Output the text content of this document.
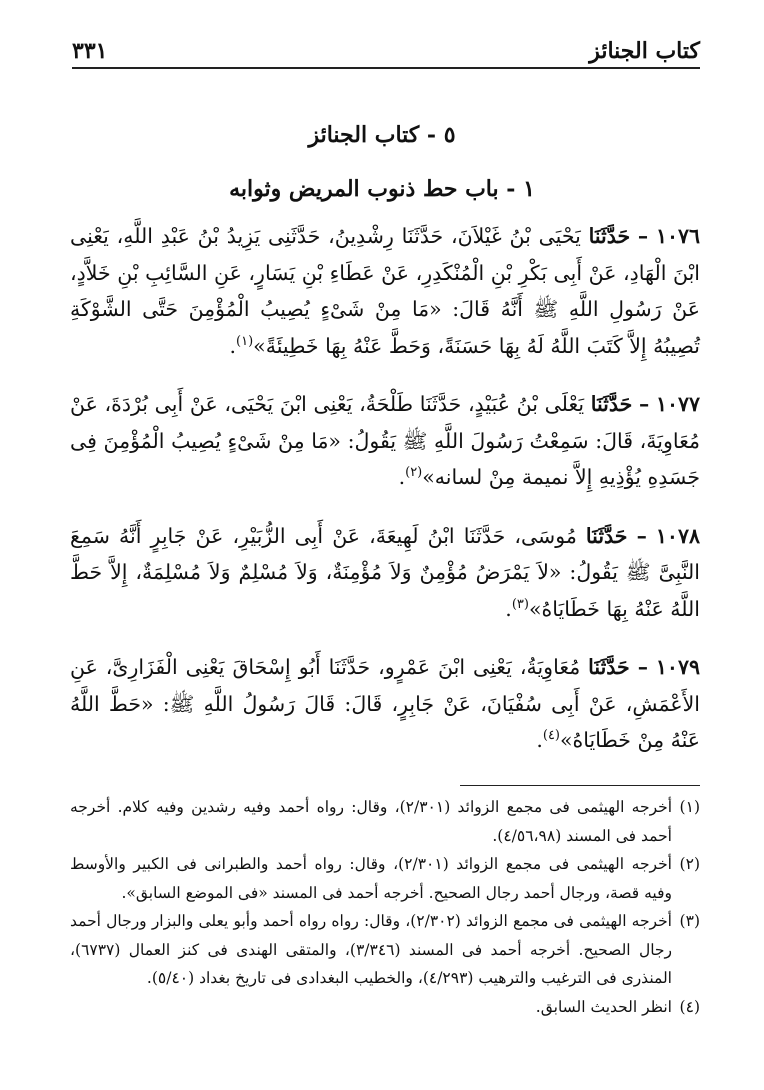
كتاب الجنائز
٣٣١
٥ - كتاب الجنائز
١ - باب حط ذنوب المريض وثوابه

١٠٧٦ – حَدَّثَنَا يَحْيَى بْنُ غَيْلاَنَ، حَدَّثَنَا رِشْدِينُ، حَدَّثَنِى يَزِيدُ بْنُ عَبْدِ اللَّهِ، يَعْنِى ابْنَ الْهَادِ، عَنْ أَبِى بَكْرِ بْنِ الْمُنْكَدِرِ، عَنْ عَطَاءِ بْنِ يَسَارٍ، عَنِ السَّائِبِ بْنِ خَلاَّدٍ، عَنْ رَسُولِ اللَّهِ ﷺ أَنَّهُ قَالَ: «مَا مِنْ شَىْءٍ يُصِيبُ الْمُؤْمِنَ حَتَّى الشَّوْكَةِ تُصِيبُهُ إِلاَّ كَتَبَ اللَّهُ لَهُ بِهَا حَسَنَةً، وَحَطَّ عَنْهُ بِهَا خَطِيئَةً»$^{(١)}$.

١٠٧٧ – حَدَّثَنَا يَعْلَى بْنُ عُبَيْدٍ، حَدَّثَنَا طَلْحَةُ، يَعْنِى ابْنَ يَحْيَى، عَنْ أَبِى بُرْدَةَ، عَنْ مُعَاوِيَةَ، قَالَ: سَمِعْتُ رَسُولَ اللَّهِ ﷺ يَقُولُ: «مَا مِنْ شَىْءٍ يُصِيبُ الْمُؤْمِنَ فِى جَسَدِهِ يُؤْذِيهِ إِلاَّ نميمة مِنْ لسانه»$^{(٢)}$.

١٠٧٨ – حَدَّثَنَا مُوسَى، حَدَّثَنَا ابْنُ لَهِيعَةَ، عَنْ أَبِى الزُّبَيْرِ، عَنْ جَابِرٍ أَنَّهُ سَمِعَ النَّبِىَّ ﷺ يَقُولُ: «لاَ يَمْرَضُ مُؤْمِنٌ وَلاَ مُؤْمِنَةٌ، وَلاَ مُسْلِمٌ وَلاَ مُسْلِمَةٌ، إِلاَّ حَطَّ اللَّهُ عَنْهُ بِهَا خَطَايَاهُ»$^{(٣)}$.

١٠٧٩ – حَدَّثَنَا مُعَاوِيَةُ، يَعْنِى ابْنَ عَمْرٍو، حَدَّثَنَا أَبُو إِسْحَاقَ يَعْنِى الْفَزَارِىَّ، عَنِ الأَعْمَشِ، عَنْ أَبِى سُفْيَانَ، عَنْ جَابِرٍ، قَالَ: قَالَ رَسُولُ اللَّهِ ﷺ: «حَطَّ اللَّهُ عَنْهُ مِنْ خَطَايَاهُ»$^{(٤)}$.

(١)
أخرجه الهيثمى فى مجمع الزوائد (٢/٣٠١)، وقال: رواه أحمد وفيه رشدين وفيه كلام. أخرجه أحمد فى المسند (٤/٥٦،٩٨).

(٢)
أخرجه الهيثمى فى مجمع الزوائد (٢/٣٠١)، وقال: رواه أحمد والطبرانى فى الكبير والأوسط وفيه قصة، ورجال أحمد رجال الصحيح. أخرجه أحمد فى المسند «فى الموضع السابق».

(٣)
أخرجه الهيثمى فى مجمع الزوائد (٢/٣٠٢)، وقال: رواه رواه أحمد وأبو يعلى والبزار ورجال أحمد رجال الصحيح. أخرجه أحمد فى المسند (٣/٣٤٦)، والمتقى الهندى فى كنز العمال (٦٧٣٧)، المنذرى فى الترغيب والترهيب (٤/٢٩٣)، والخطيب البغدادى فى تاريخ بغداد (٥/٤٠).

(٤)
انظر الحديث السابق.
